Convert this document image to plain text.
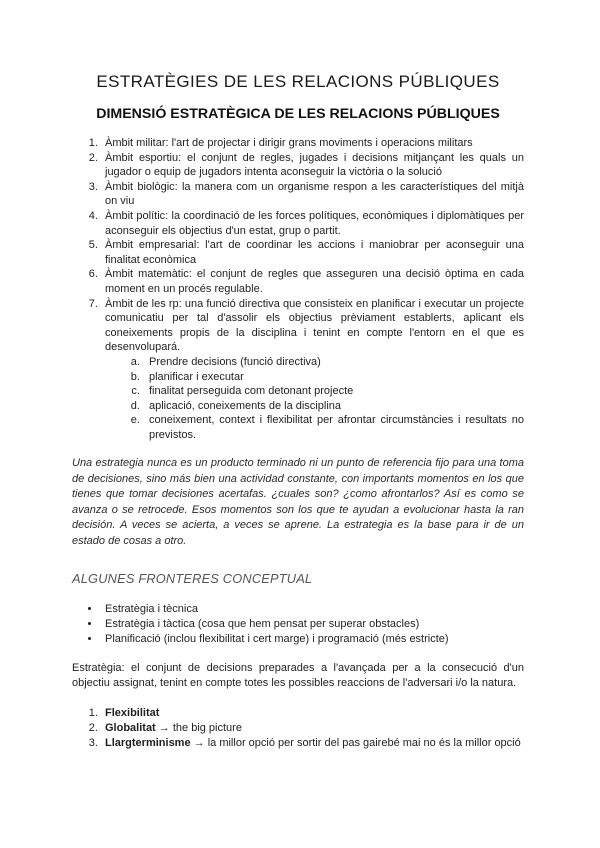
ESTRATÈGIES DE LES RELACIONS PÚBLIQUES
DIMENSIÓ ESTRATÈGICA DE LES RELACIONS PÚBLIQUES
1. Àmbit militar: l'art de projectar i dirigir grans moviments i operacions militars
2. Àmbit esportiu: el conjunt de regles, jugades i decisions mitjançant les quals un jugador o equip de jugadors intenta aconseguir la victòria o la solució
3. Àmbit biològic: la manera com un organisme respon a les característiques del mitjà on viu
4. Àmbit polític: la coordinació de les forces polítiques, econòmiques i diplomàtiques per aconseguir els objectius d'un estat, grup o partit.
5. Àmbit empresarial: l'art de coordinar les accions i maniobrar per aconseguir una finalitat econòmica
6. Àmbit matemàtic: el conjunt de regles que asseguren una decisió òptima en cada moment en un procés regulable.
7. Àmbit de les rp: una funció directiva que consisteix en planificar i executar un projecte comunicatiu per tal d'assolir els objectius prèviament establerts, aplicant els coneixements propis de la disciplina i tenint en compte l'entorn en el que es desenvolupará.
a. Prendre decisions (funció directiva)
b. planificar i executar
c. finalitat perseguida com detonant projecte
d. aplicació, coneixements de la disciplina
e. coneixement, context i flexibilitat per afrontar circumstàncies i resultats no previstos.

Una estrategia nunca es un producto terminado ni un punto de referencia fijo para una toma de decisiones, sino más bien una actividad constante, con importants momentos en los que tienes que tomar decisiones acertafas. ¿cuales son? ¿como afrontarlos? Así es como se avanza o se retrocede. Esos momentos son los que te ayudan a evolucionar hasta la ran decisión. A veces se acierta, a veces se aprene. La estrategia es la base para ir de un estado de cosas a otro.

ALGUNES FRONTERES CONCEPTUAL
• Estratègia i tècnica
• Estratègia i tàctica (cosa que hem pensat per superar obstacles)
• Planificació (inclou flexibilitat i cert marge) i programació (més estricte)

Estratègia: el conjunt de decisions preparades a l'avançada per a la consecució d'un objectiu assignat, tenint en compte totes les possibles reaccions de l'adversari i/o la natura.

1. Flexibilitat
2. Globalitat → the big picture
3. Llargterminisme → la millor opció per sortir del pas gairebé mai no és la millor opció
